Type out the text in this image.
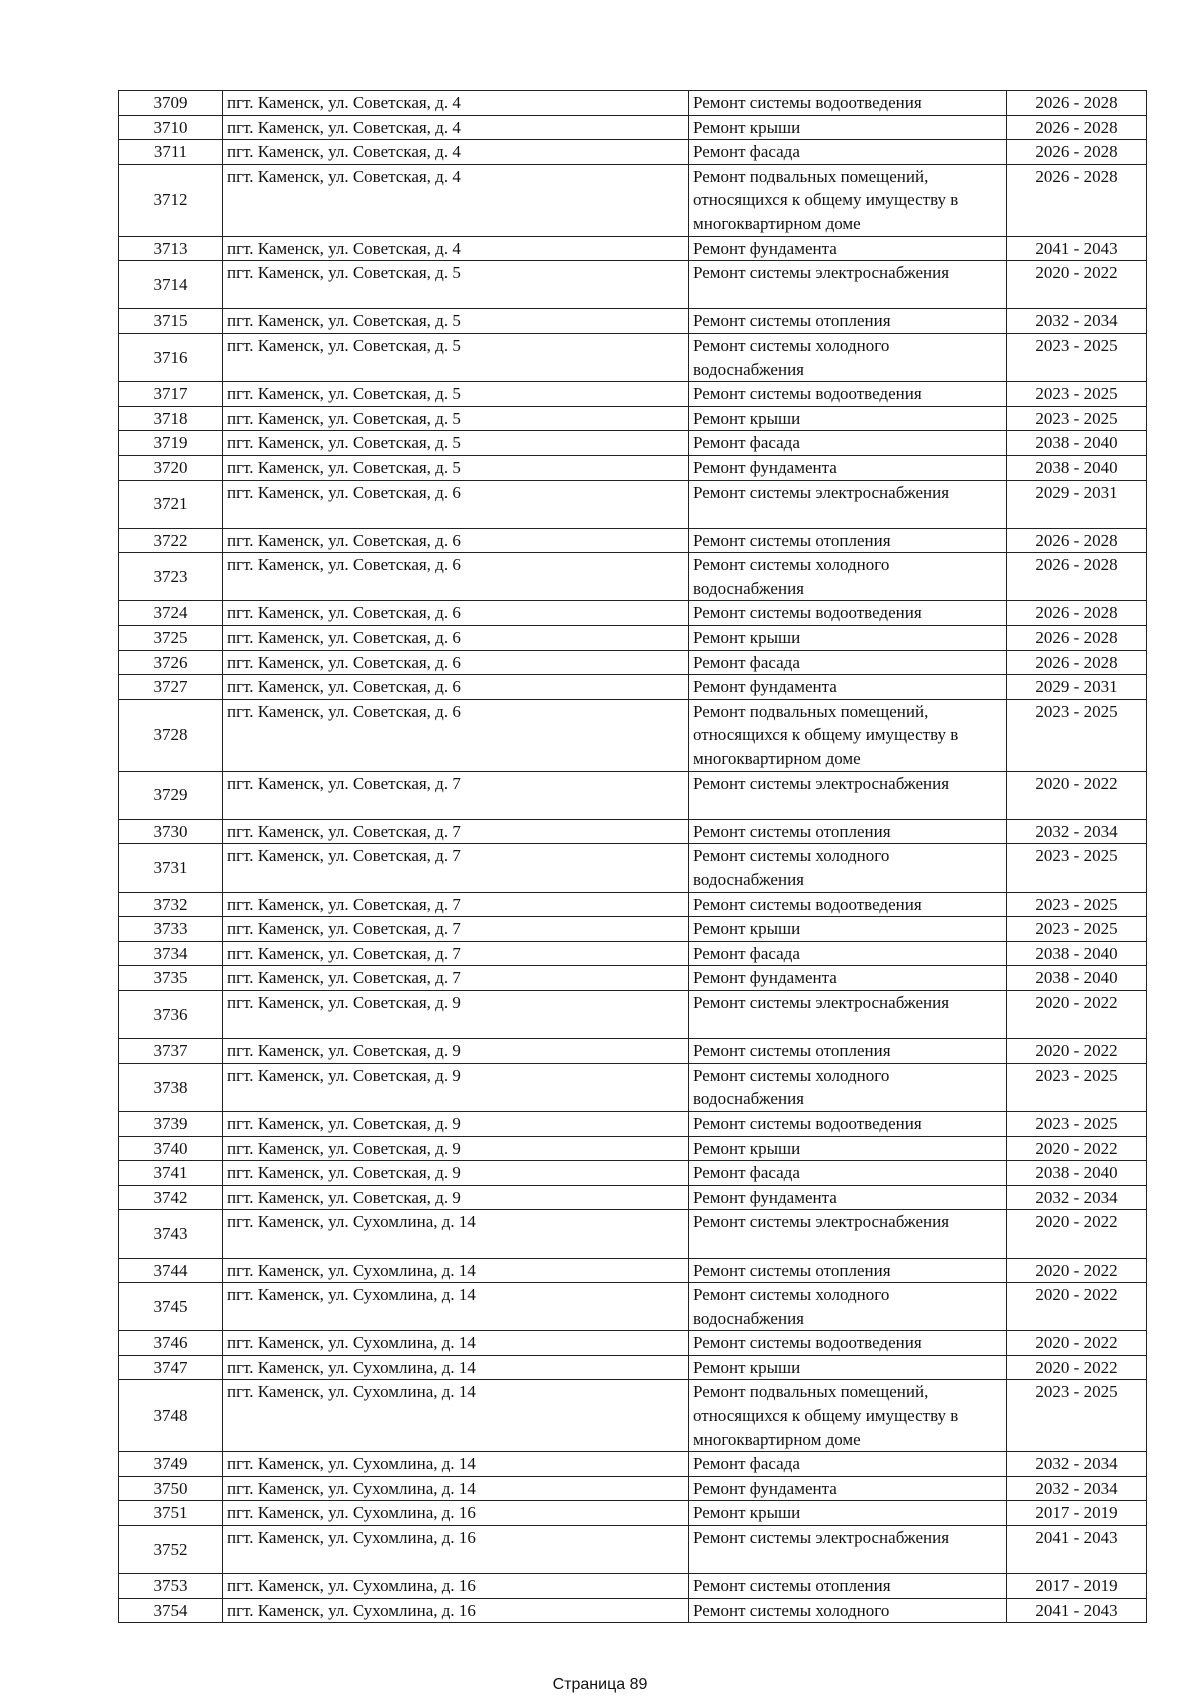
3709	пгт. Каменск, ул. Советская, д. 4	Ремонт системы водоотведения	2026 - 2028
3710	пгт. Каменск, ул. Советская, д. 4	Ремонт крыши	2026 - 2028
3711	пгт. Каменск, ул. Советская, д. 4	Ремонт фасада	2026 - 2028
3712	пгт. Каменск, ул. Советская, д. 4	Ремонт подвальных помещений,
относящихся к общему имуществу в
многоквартирном доме	2026 - 2028
3713	пгт. Каменск, ул. Советская, д. 4	Ремонт фундамента	2041 - 2043
3714	пгт. Каменск, ул. Советская, д. 5	Ремонт системы электроснабжения	2020 - 2022
3715	пгт. Каменск, ул. Советская, д. 5	Ремонт системы отопления	2032 - 2034
3716	пгт. Каменск, ул. Советская, д. 5	Ремонт системы холодного
водоснабжения	2023 - 2025
3717	пгт. Каменск, ул. Советская, д. 5	Ремонт системы водоотведения	2023 - 2025
3718	пгт. Каменск, ул. Советская, д. 5	Ремонт крыши	2023 - 2025
3719	пгт. Каменск, ул. Советская, д. 5	Ремонт фасада	2038 - 2040
3720	пгт. Каменск, ул. Советская, д. 5	Ремонт фундамента	2038 - 2040
3721	пгт. Каменск, ул. Советская, д. 6	Ремонт системы электроснабжения	2029 - 2031
3722	пгт. Каменск, ул. Советская, д. 6	Ремонт системы отопления	2026 - 2028
3723	пгт. Каменск, ул. Советская, д. 6	Ремонт системы холодного
водоснабжения	2026 - 2028
3724	пгт. Каменск, ул. Советская, д. 6	Ремонт системы водоотведения	2026 - 2028
3725	пгт. Каменск, ул. Советская, д. 6	Ремонт крыши	2026 - 2028
3726	пгт. Каменск, ул. Советская, д. 6	Ремонт фасада	2026 - 2028
3727	пгт. Каменск, ул. Советская, д. 6	Ремонт фундамента	2029 - 2031
3728	пгт. Каменск, ул. Советская, д. 6	Ремонт подвальных помещений,
относящихся к общему имуществу в
многоквартирном доме	2023 - 2025
3729	пгт. Каменск, ул. Советская, д. 7	Ремонт системы электроснабжения	2020 - 2022
3730	пгт. Каменск, ул. Советская, д. 7	Ремонт системы отопления	2032 - 2034
3731	пгт. Каменск, ул. Советская, д. 7	Ремонт системы холодного
водоснабжения	2023 - 2025
3732	пгт. Каменск, ул. Советская, д. 7	Ремонт системы водоотведения	2023 - 2025
3733	пгт. Каменск, ул. Советская, д. 7	Ремонт крыши	2023 - 2025
3734	пгт. Каменск, ул. Советская, д. 7	Ремонт фасада	2038 - 2040
3735	пгт. Каменск, ул. Советская, д. 7	Ремонт фундамента	2038 - 2040
3736	пгт. Каменск, ул. Советская, д. 9	Ремонт системы электроснабжения	2020 - 2022
3737	пгт. Каменск, ул. Советская, д. 9	Ремонт системы отопления	2020 - 2022
3738	пгт. Каменск, ул. Советская, д. 9	Ремонт системы холодного
водоснабжения	2023 - 2025
3739	пгт. Каменск, ул. Советская, д. 9	Ремонт системы водоотведения	2023 - 2025
3740	пгт. Каменск, ул. Советская, д. 9	Ремонт крыши	2020 - 2022
3741	пгт. Каменск, ул. Советская, д. 9	Ремонт фасада	2038 - 2040
3742	пгт. Каменск, ул. Советская, д. 9	Ремонт фундамента	2032 - 2034
3743	пгт. Каменск, ул. Сухомлина, д. 14	Ремонт системы электроснабжения	2020 - 2022
3744	пгт. Каменск, ул. Сухомлина, д. 14	Ремонт системы отопления	2020 - 2022
3745	пгт. Каменск, ул. Сухомлина, д. 14	Ремонт системы холодного
водоснабжения	2020 - 2022
3746	пгт. Каменск, ул. Сухомлина, д. 14	Ремонт системы водоотведения	2020 - 2022
3747	пгт. Каменск, ул. Сухомлина, д. 14	Ремонт крыши	2020 - 2022
3748	пгт. Каменск, ул. Сухомлина, д. 14	Ремонт подвальных помещений,
относящихся к общему имуществу в
многоквартирном доме	2023 - 2025
3749	пгт. Каменск, ул. Сухомлина, д. 14	Ремонт фасада	2032 - 2034
3750	пгт. Каменск, ул. Сухомлина, д. 14	Ремонт фундамента	2032 - 2034
3751	пгт. Каменск, ул. Сухомлина, д. 16	Ремонт крыши	2017 - 2019
3752	пгт. Каменск, ул. Сухомлина, д. 16	Ремонт системы электроснабжения	2041 - 2043
3753	пгт. Каменск, ул. Сухомлина, д. 16	Ремонт системы отопления	2017 - 2019
3754	пгт. Каменск, ул. Сухомлина, д. 16	Ремонт системы холодного	2041 - 2043
Страница 89
